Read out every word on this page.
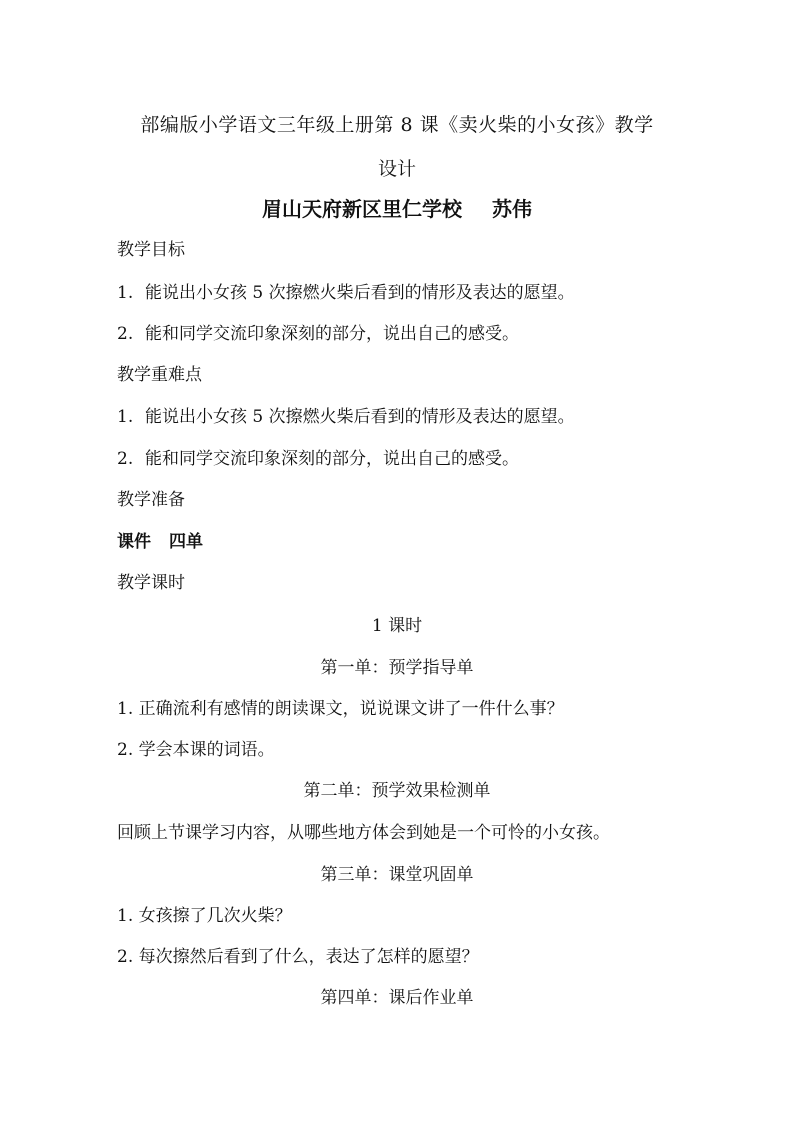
部编版小学语文三年级上册第 8 课《卖火柴的小女孩》教学
设计
眉山天府新区里仁学校 苏伟
教学目标
1. 能说出小女孩 5 次擦燃火柴后看到的情形及表达的愿望。
2. 能和同学交流印象深刻的部分，说出自己的感受。
教学重难点
1. 能说出小女孩 5 次擦燃火柴后看到的情形及表达的愿望。
2. 能和同学交流印象深刻的部分，说出自己的感受。
教学准备
课件 四单
教学课时
1 课时
第一单：预学指导单
1. 正确流利有感情的朗读课文，说说课文讲了一件什么事？
2. 学会本课的词语。
第二单：预学效果检测单
回顾上节课学习内容，从哪些地方体会到她是一个可怜的小女孩。
第三单：课堂巩固单
1. 女孩擦了几次火柴？
2. 每次擦然后看到了什么，表达了怎样的愿望？
第四单：课后作业单
